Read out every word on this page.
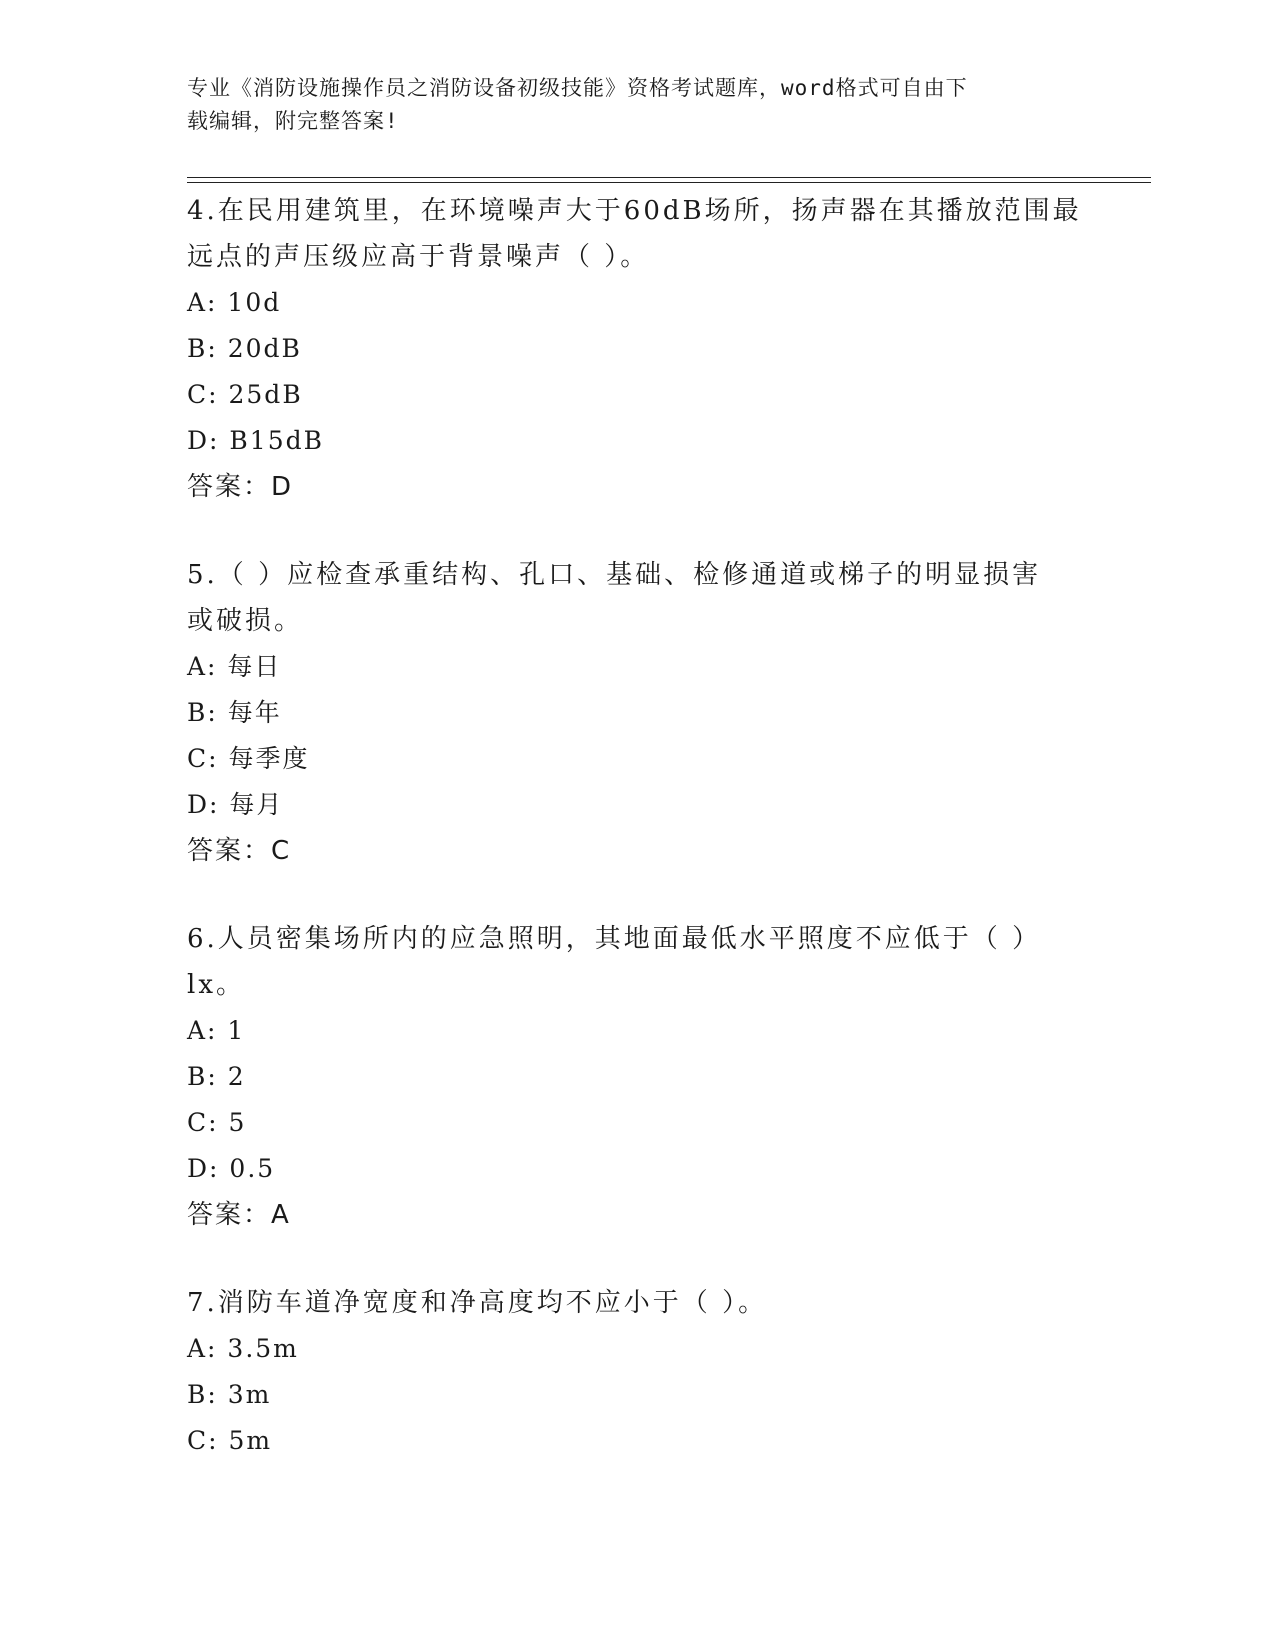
专业《消防设施操作员之消防设备初级技能》资格考试题库，word格式可自由下
载编辑，附完整答案!
4.在民用建筑里，在环境噪声大于60dB场所，扬声器在其播放范围最
远点的声压级应高于背景噪声（ ）。
A: 10d
B: 20dB
C: 25dB
D: B15dB
答案：D
5.（ ）应检查承重结构、孔口、基础、检修通道或梯子的明显损害
或破损。
A: 每日
B: 每年
C: 每季度
D: 每月
答案：C
6.人员密集场所内的应急照明，其地面最低水平照度不应低于（ ）
lx。
A: 1
B: 2
C: 5
D: 0.5
答案：A
7.消防车道净宽度和净高度均不应小于（ ）。
A: 3.5m
B: 3m
C: 5m
